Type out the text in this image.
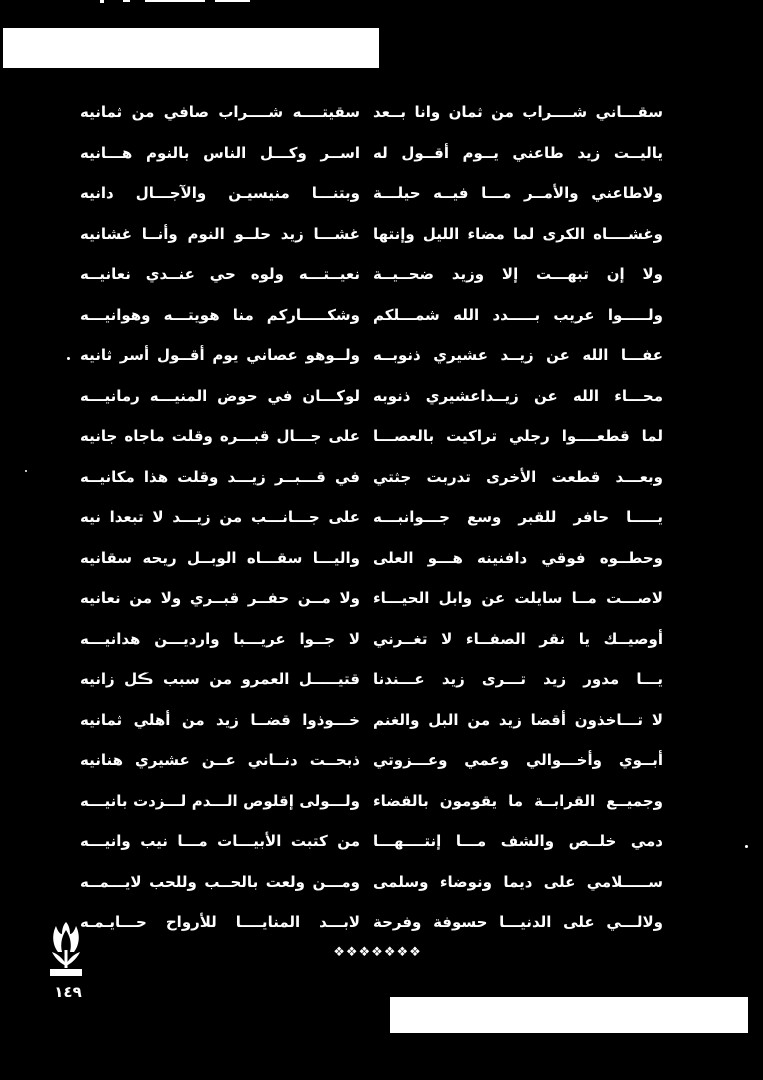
سقـــاني شــــراب من ثمان وانا بــعد
سقيتــــه شــــراب صافي من ثمانيه
ياليــت زيد طاعني يــوم أقــول له
اســر وكـــل الناس بالنوم هـــانيه
ولاطاعني والأمــر مـــا فيــه حيلـــة
وبتنـــا منيسيـن والآجـــال دانيه
وغشــــاه الكرى لما مضاء الليل وإنتها
غشـــا زيد حلــو النوم وأنــا غشانيه
ولا إن تبهـــت إلا وزيد ضحــيــة
نعيــتـــه ولوه حي عنــدي نعانيــه
ولـــــوا عريب بـــــدد الله شمـــلكم
وشكـــــاركم منا هويتـــه وهوانيـــه
عفـــا الله عن زيــد عشيري ذنوبــه
ولــوهو عصاني يوم أقــول أسر ثانيه
محـــاء الله عن زيــداعشيري ذنوبه
لوكـــان في حوض المنيـــه رمانيـــه
لما قطعــــوا رجلي تراكيت بالعصـــا
على جـــال قبـــره وقلت ماجاه جانيه
وبعـــد قطعت الأخرى تدربت جثتي
في قـــبــر زيـــد وقلت هذا مكانيــه
يـــــا حافر للقبر وسع جـــوانبـــه
على جـــانـــب من زيـــد لا تبعدا نيه
وحطــوه فوقي دافنينه هـــو العلى
واليـــا سقـــاه الوبــل ريحه سقانيه
لاصـــت مــا سايلت عن وابل الحيـــاء
ولا مــن حفــر قبــري ولا من نعانيه
أوصيــك يا نقر الصفــاء لا تغــرني
لا جــوا عريـــبا وارديـــن هدانيـــه
يـــا مدور زيد تـــرى زيد عـــندنا
قتيـــــل العمرو من سبب ڪل زانيه
لا تـــاخذون أقضا زيد من البل والغنم
خـــوذوا قضــا زيد من أهلي ثمانيه
أبــوي وأخـــوالي وعمي وعـــزوتي
ذبحــت دنــاني عــن عشيري هنانيه
وجميــع القرابــة ما يقومون بالقضاء
ولـــولى إقلوص الـــدم لـــزدت بانيـــه
دمي خلــص والشف مـــا إنتــــهـــا
من كتبت الأبيـــات مـــا نيب وانيـــه
ســـــلامي على ديما ونوضاء وسلمى
ومـــن ولعت بالحــب وللحب لايـــمــه
ولالـــي على الدنيـــا حسوفة وفرحة
لابـــد المنايــــا للأرواح حـــايـمـه
❖❖❖❖❖❖❖
١٤٩
